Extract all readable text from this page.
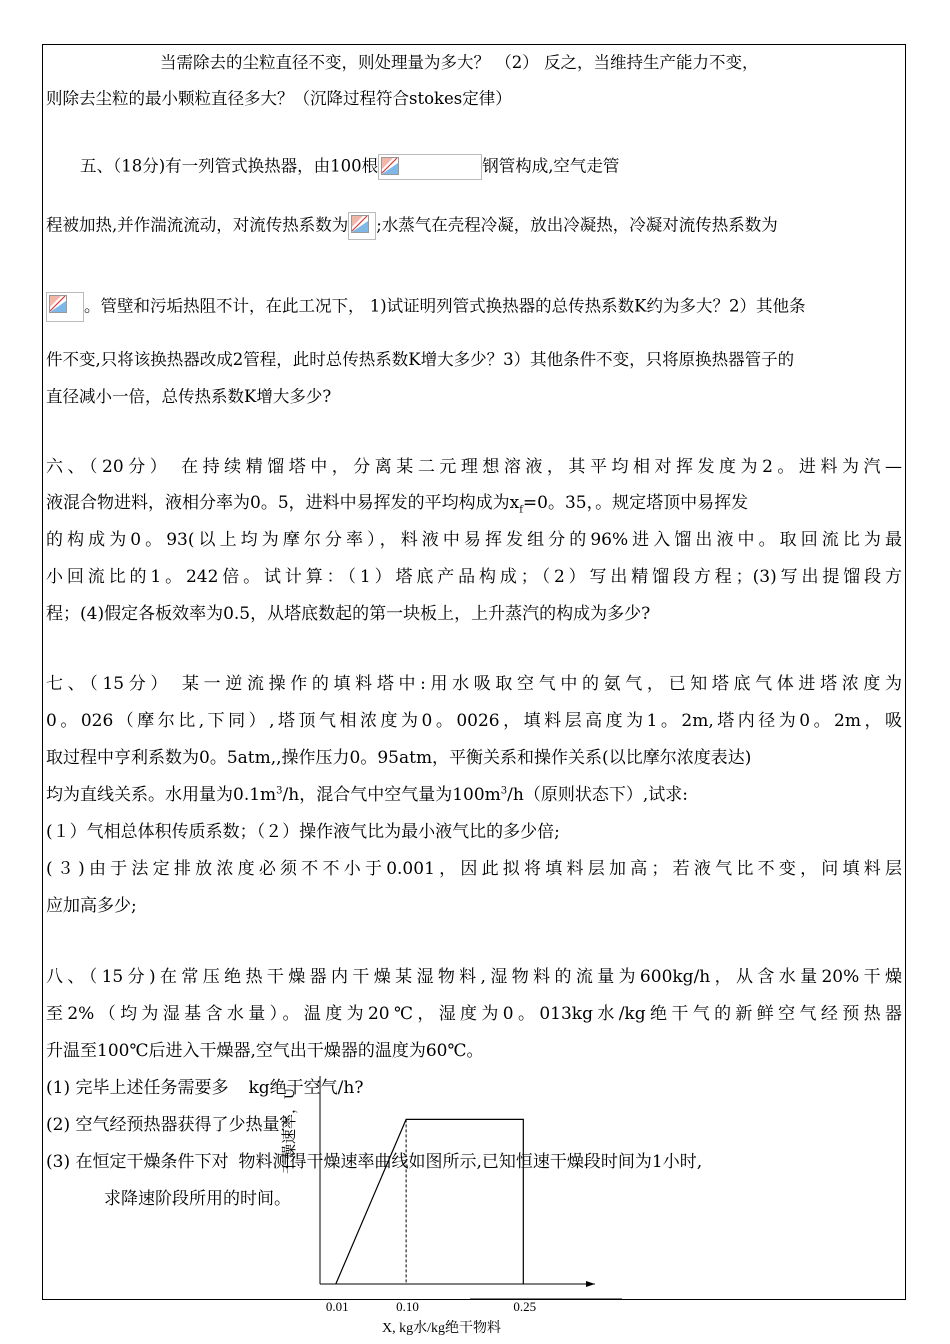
当需除去的尘粒直径不变，则处理量为多大？ （2） 反之，当维持生产能力不变，
则除去尘粒的最小颗粒直径多大？（沉降过程符合stokes定律）
五、（18分)有一列管式换热器，由100根	钢管构成,空气走管
程被加热,并作湍流流动，对流传热系数为 ;水蒸气在壳程冷凝，放出冷凝热，冷凝对流传热系数为
。管壁和污垢热阻不计，在此工况下， 1)试证明列管式换热器的总传热系数K约为多大？2）其他条
件不变,只将该换热器改成2管程，此时总传热系数K增大多少？3）其他条件不变，只将原换热器管子的
直径减小一倍，总传热系数K增大多少?
六、（20分） 在持续精馏塔中，分离某二元理想溶液，其平均相对挥发度为2。进料为汽—
液混合物进料，液相分率为0。5，进料中易挥发的平均构成为$x_f=0$。35，。规定塔顶中易挥发
的构成为0。93(以上均为摩尔分率），料液中易挥发组分的96%进入馏出液中。取回流比为最
小回流比的1。242倍。试计算：（1）塔底产品构成；（2）写出精馏段方程；(3)写出提馏段方
程；(4)假定各板效率为0.5，从塔底数起的第一块板上，上升蒸汽的构成为多少?
七、（15分） 某一逆流操作的填料塔中:用水吸取空气中的氨气，已知塔底气体进塔浓度为
0。026（摩尔比,下同）,塔顶气相浓度为0。0026，填料层高度为1。2m,塔内径为0。2m，吸
取过程中亨利系数为0。5atm,,操作压力0。95atm，平衡关系和操作关系(以比摩尔浓度表达)
均为直线关系。水用量为$0.1m^3/h$，混合气中空气量为$100m^3/h$（原则状态下）,试求:
(１）气相总体积传质系数；（２）操作液气比为最小液气比的多少倍;
(３)由于法定排放浓度必须不不小于0.001，因此拟将填料层加高；若液气比不变，问填料层
应加高多少;
八、（15分)在常压绝热干燥器内干燥某湿物料,湿物料的流量为600kg/h，从含水量20%干燥
至2%（均为湿基含水量）。温度为20℃，湿度为0。013kg水/kg绝干气的新鲜空气经预热器
升温至100℃后进入干燥器,空气出干燥器的温度为60℃。
(1) 完毕上述任务需要多 kg绝干空气/h?
(2) 空气经预热器获得了少热量？
(3) 在恒定干燥条件下对 物料测得干燥速率曲线如图所示,已知恒速干燥段时间为1小时,
求降速阶段所用的时间。
0.01	0.10	0.25
X, kg水/kg绝干物料
干燥速率，U
